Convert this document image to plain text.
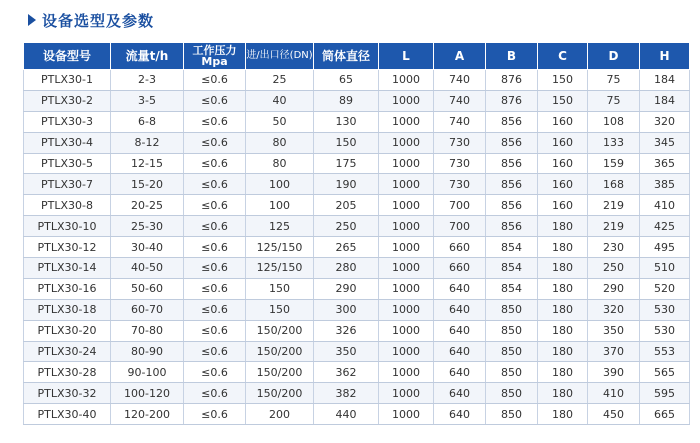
设备选型及参数
设备型号	流量t/h	工作压力 Mpa	进/出口径(DN)	筒体直径	L	A	B	C	D	H
PTLX30-1	2-3	≤0.6	25	65	1000	740	876	150	75	184
PTLX30-2	3-5	≤0.6	40	89	1000	740	876	150	75	184
PTLX30-3	6-8	≤0.6	50	130	1000	740	856	160	108	320
PTLX30-4	8-12	≤0.6	80	150	1000	730	856	160	133	345
PTLX30-5	12-15	≤0.6	80	175	1000	730	856	160	159	365
PTLX30-7	15-20	≤0.6	100	190	1000	730	856	160	168	385
PTLX30-8	20-25	≤0.6	100	205	1000	700	856	160	219	410
PTLX30-10	25-30	≤0.6	125	250	1000	700	856	180	219	425
PTLX30-12	30-40	≤0.6	125/150	265	1000	660	854	180	230	495
PTLX30-14	40-50	≤0.6	125/150	280	1000	660	854	180	250	510
PTLX30-16	50-60	≤0.6	150	290	1000	640	854	180	290	520
PTLX30-18	60-70	≤0.6	150	300	1000	640	850	180	320	530
PTLX30-20	70-80	≤0.6	150/200	326	1000	640	850	180	350	530
PTLX30-24	80-90	≤0.6	150/200	350	1000	640	850	180	370	553
PTLX30-28	90-100	≤0.6	150/200	362	1000	640	850	180	390	565
PTLX30-32	100-120	≤0.6	150/200	382	1000	640	850	180	410	595
PTLX30-40	120-200	≤0.6	200	440	1000	640	850	180	450	665
